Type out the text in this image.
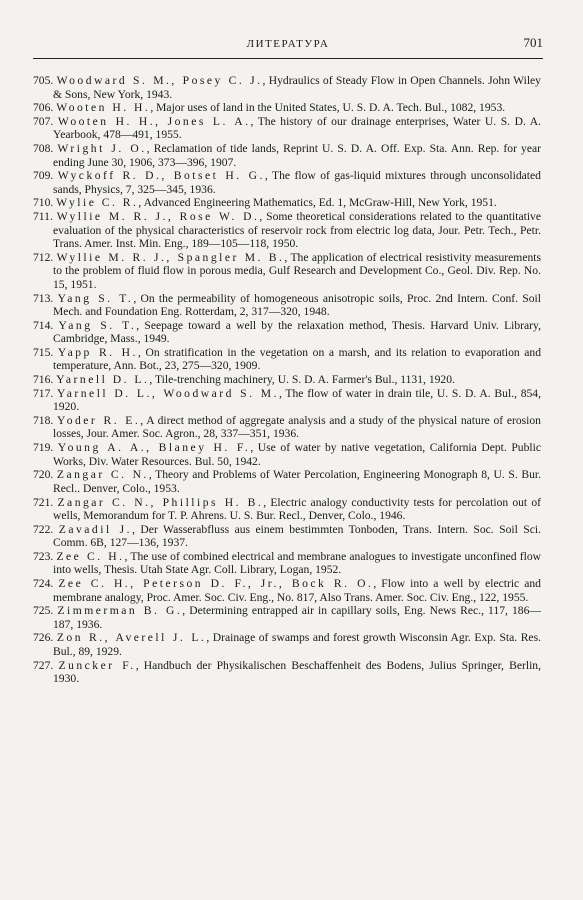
ЛИТЕРАТУРА	701
705. Woodward S. M., Posey C. J., Hydraulics of Steady Flow in Open Channels. John Wiley & Sons, New York, 1943.
706. Wooten H. H., Major uses of land in the United States, U. S. D. A. Tech. Bul., 1082, 1953.
707. Wooten H. H., Jones L. A., The history of our drainage enterprises, Water U. S. D. A. Yearbook, 478—491, 1955.
708. Wright J. O., Reclamation of tide lands, Reprint U. S. D. A. Off. Exp. Sta. Ann. Rep. for year ending June 30, 1906, 373—396, 1907.
709. Wyckoff R. D., Botset H. G., The flow of gas-liquid mixtures through unconsolidated sands, Physics, 7, 325—345, 1936.
710. Wylie C. R., Advanced Engineering Mathematics, Ed. 1, McGraw-Hill, New York, 1951.
711. Wyllie M. R. J., Rose W. D., Some theoretical considerations related to the quantitative evaluation of the physical characteristics of reservoir rock from electric log data, Jour. Petr. Tech., Petr. Trans. Amer. Inst. Min. Eng., 189—105—118, 1950.
712. Wyllie M. R. J., Spangler M. B., The application of electrical resistivity measurements to the problem of fluid flow in porous media, Gulf Research and Development Co., Geol. Div. Rep. No. 15, 1951.
713. Yang S. T., On the permeability of homogeneous anisotropic soils, Proc. 2nd Intern. Conf. Soil Mech. and Foundation Eng. Rotterdam, 2, 317—320, 1948.
714. Yang S. T., Seepage toward a well by the relaxation method, Thesis. Harvard Univ. Library, Cambridge, Mass., 1949.
715. Yapp R. H., On stratification in the vegetation on a marsh, and its relation to evaporation and temperature, Ann. Bot., 23, 275—320, 1909.
716. Yarnell D. L., Tile-trenching machinery, U. S. D. A. Farmer's Bul., 1131, 1920.
717. Yarnell D. L., Woodward S. M., The flow of water in drain tile, U. S. D. A. Bul., 854, 1920.
718. Yoder R. E., A direct method of aggregate analysis and a study of the physical nature of erosion losses, Jour. Amer. Soc. Agron., 28, 337—351, 1936.
719. Young A. A., Blaney H. F., Use of water by native vegetation, California Dept. Public Works, Div. Water Resources. Bul. 50, 1942.
720. Zangar C. N., Theory and Problems of Water Percolation, Engineering Monograph 8, U. S. Bur. Recl.. Denver, Colo., 1953.
721. Zangar C. N., Phillips H. B., Electric analogy conductivity tests for percolation out of wells, Memorandum for T. P. Ahrens. U. S. Bur. Recl., Denver, Colo., 1946.
722. Zavadil J., Der Wasserabfluss aus einem bestimmten Tonboden, Trans. Intern. Soc. Soil Sci. Comm. 6B, 127—136, 1937.
723. Zee C. H., The use of combined electrical and membrane analogues to investigate unconfined flow into wells, Thesis. Utah State Agr. Coll. Library, Logan, 1952.
724. Zee C. H., Peterson D. F., Jr., Bock R. O., Flow into a well by electric and membrane analogy, Proc. Amer. Soc. Civ. Eng., No. 817, Also Trans. Amer. Soc. Civ. Eng., 122, 1955.
725. Zimmerman B. G., Determining entrapped air in capillary soils, Eng. News Rec., 117, 186—187, 1936.
726. Zon R., Averell J. L., Drainage of swamps and forest growth Wisconsin Agr. Exp. Sta. Res. Bul., 89, 1929.
727. Zuncker F., Handbuch der Physikalischen Beschaffenheit des Bodens, Julius Springer, Berlin, 1930.
